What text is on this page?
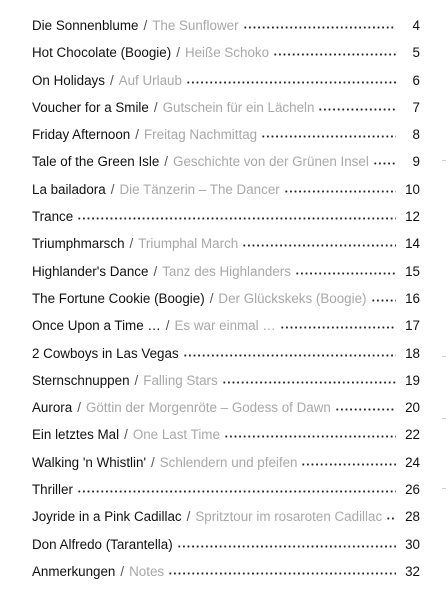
Die Sonnenblume / The Sunflower	4
Hot Chocolate (Boogie) / Heiße Schoko	5
On Holidays / Auf Urlaub	6
Voucher for a Smile / Gutschein für ein Lächeln	7
Friday Afternoon / Freitag Nachmittag	8
Tale of the Green Isle / Geschichte von der Grünen Insel	9
La bailadora / Die Tänzerin – The Dancer	10
Trance	12
Triumphmarsch / Triumphal March	14
Highlander's Dance / Tanz des Highlanders	15
The Fortune Cookie (Boogie) / Der Glückskeks (Boogie)	16
Once Upon a Time … / Es war einmal …	17
2 Cowboys in Las Vegas	18
Sternschnuppen / Falling Stars	19
Aurora / Göttin der Morgenröte – Godess of Dawn	20
Ein letztes Mal / One Last Time	22
Walking 'n Whistlin' / Schlendern und pfeifen	24
Thriller	26
Joyride in a Pink Cadillac / Spritztour im rosaroten Cadillac	28
Don Alfredo (Tarantella)	30
Anmerkungen / Notes	32
